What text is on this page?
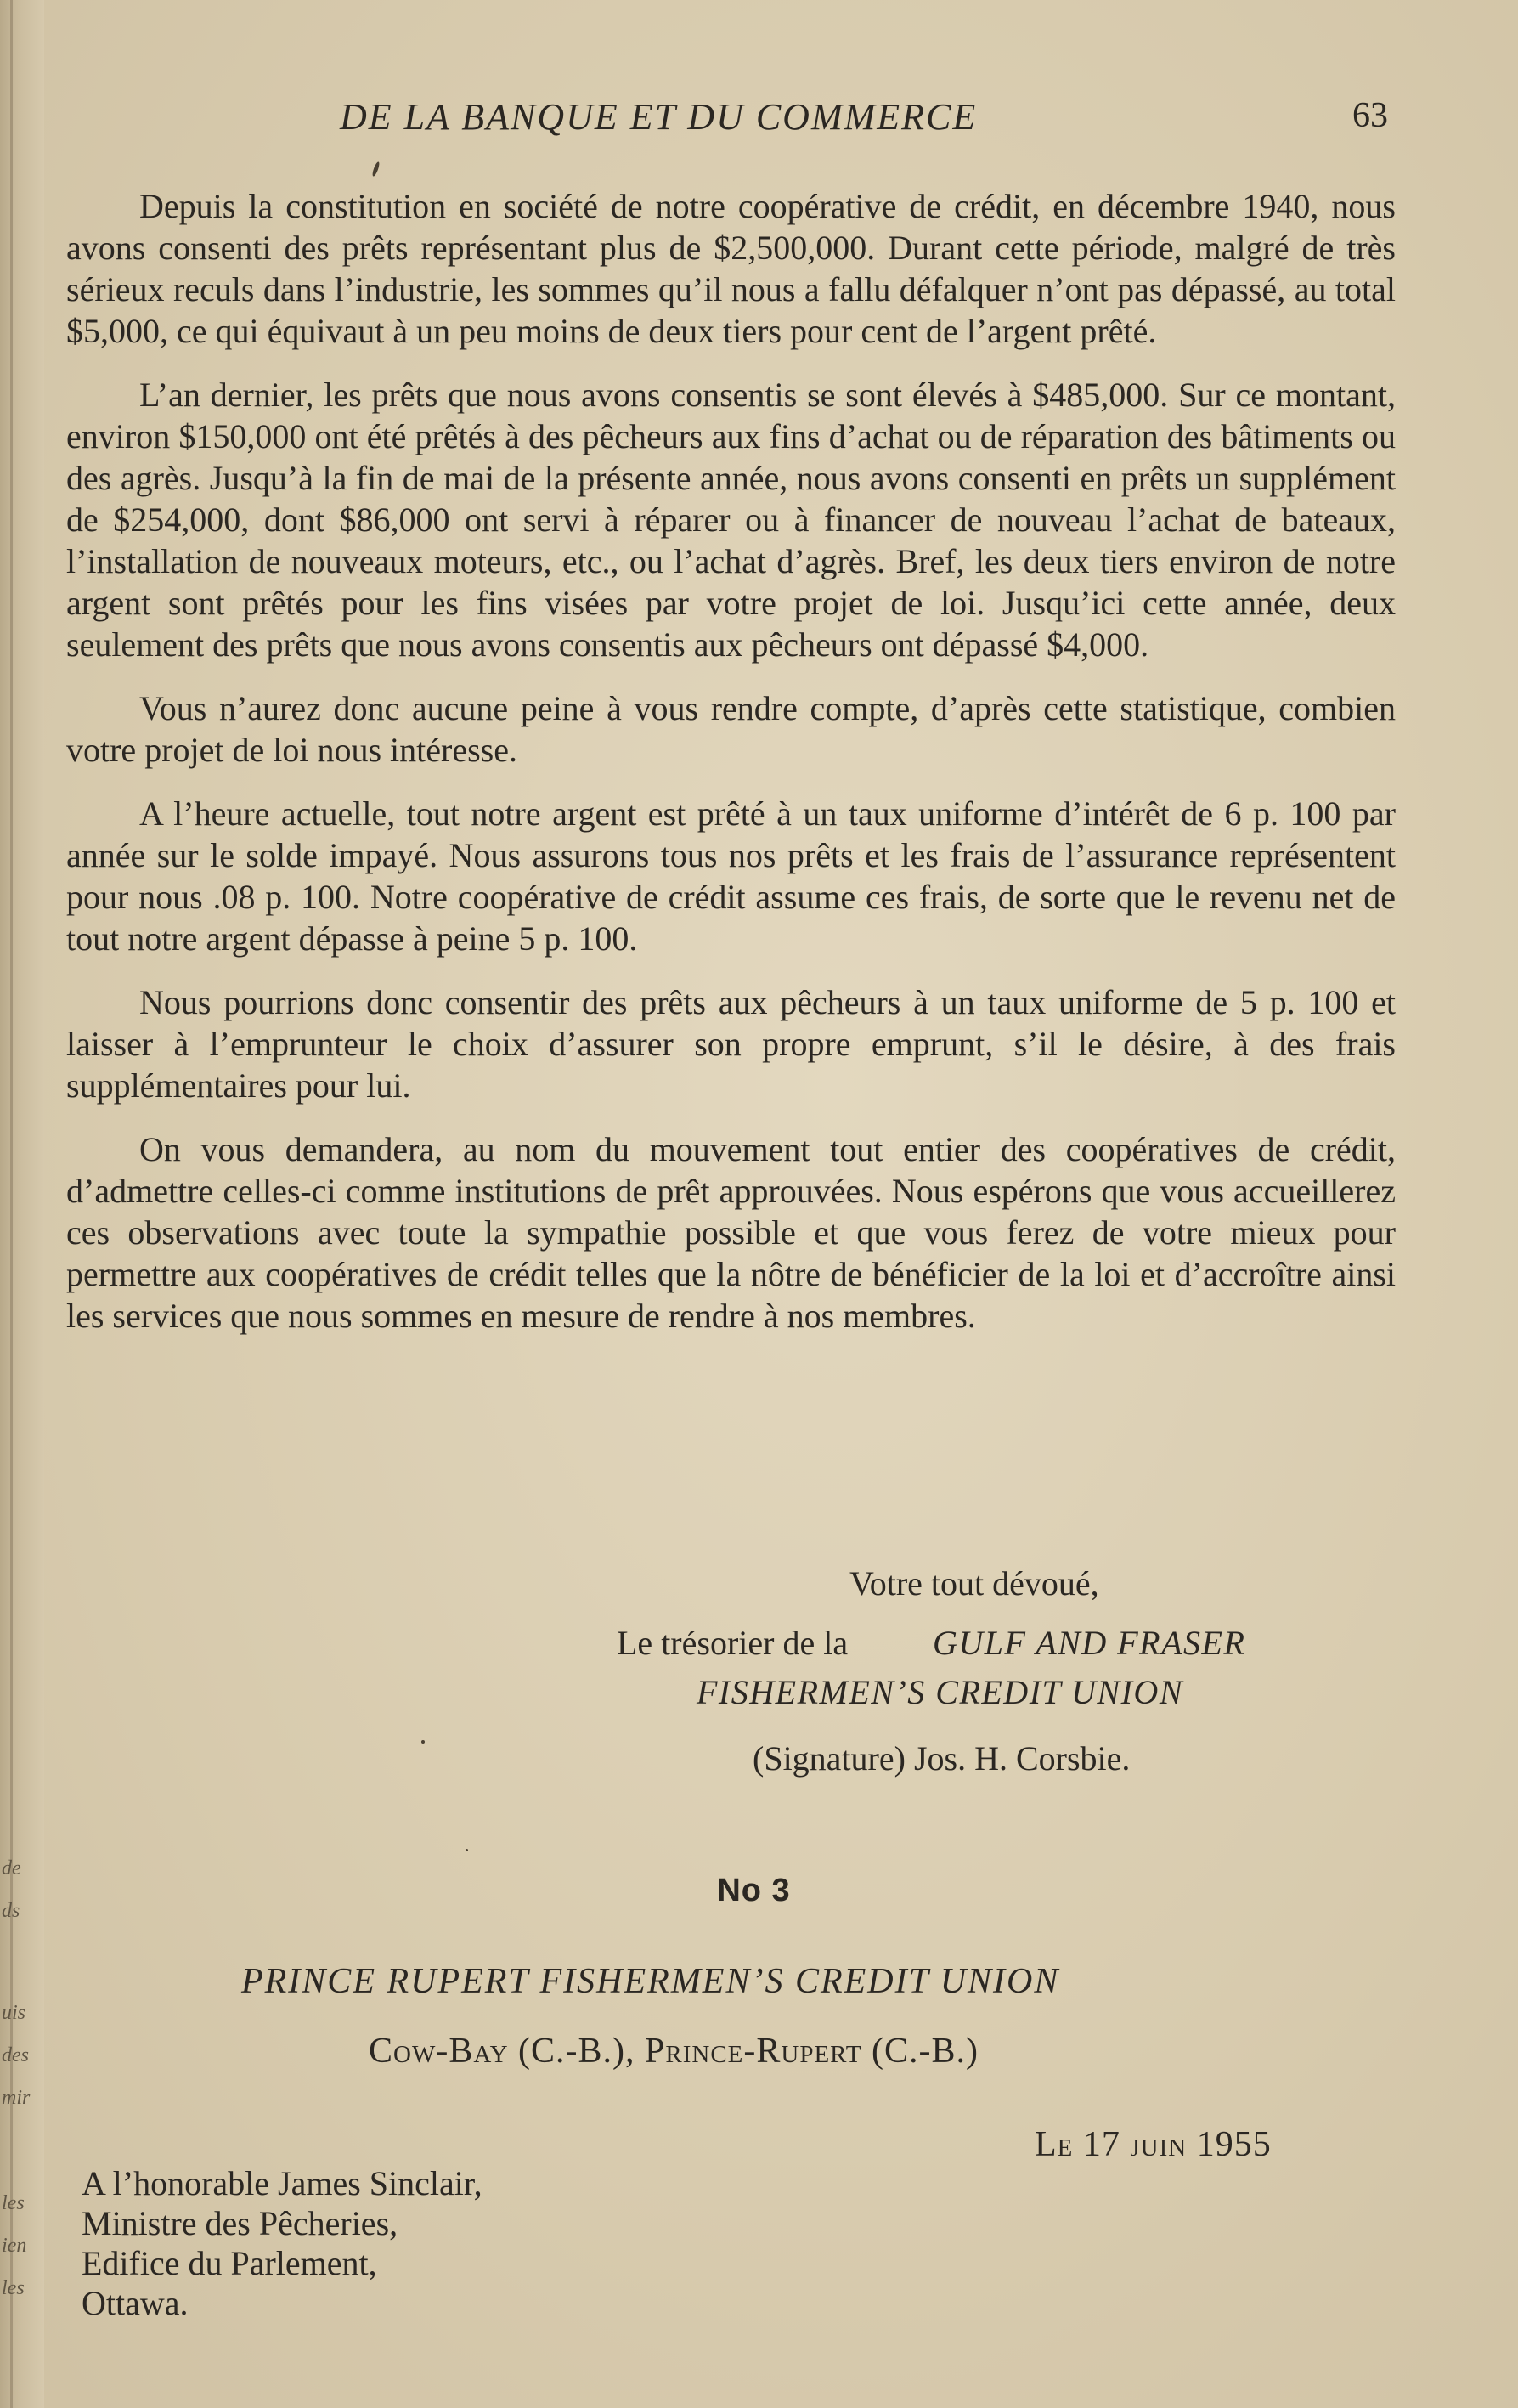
de
ds
uis
des
mir
les
ien
les
DE LA BANQUE ET DU COMMERCE	63

Depuis la constitution en société de notre coopérative de crédit, en décembre 1940, nous avons consenti des prêts représentant plus de $2,500,000. Durant cette période, malgré de très sérieux reculs dans l’industrie, les sommes qu’il nous a fallu défalquer n’ont pas dépassé, au total $5,000, ce qui équivaut à un peu moins de deux tiers pour cent de l’argent prêté.

L’an dernier, les prêts que nous avons consentis se sont élevés à $485,000. Sur ce montant, environ $150,000 ont été prêtés à des pêcheurs aux fins d’achat ou de réparation des bâtiments ou des agrès. Jusqu’à la fin de mai de la présente année, nous avons consenti en prêts un supplément de $254,000, dont $86,000 ont servi à réparer ou à financer de nouveau l’achat de bateaux, l’installation de nouveaux moteurs, etc., ou l’achat d’agrès. Bref, les deux tiers environ de notre argent sont prêtés pour les fins visées par votre projet de loi. Jusqu’ici cette année, deux seulement des prêts que nous avons consentis aux pêcheurs ont dépassé $4,000.

Vous n’aurez donc aucune peine à vous rendre compte, d’après cette statistique, combien votre projet de loi nous intéresse.

A l’heure actuelle, tout notre argent est prêté à un taux uniforme d’intérêt de 6 p. 100 par année sur le solde impayé. Nous assurons tous nos prêts et les frais de l’assurance représentent pour nous .08 p. 100. Notre coopérative de crédit assume ces frais, de sorte que le revenu net de tout notre argent dépasse à peine 5 p. 100.

Nous pourrions donc consentir des prêts aux pêcheurs à un taux uniforme de 5 p. 100 et laisser à l’emprunteur le choix d’assurer son propre emprunt, s’il le désire, à des frais supplémentaires pour lui.

On vous demandera, au nom du mouvement tout entier des coopératives de crédit, d’admettre celles-ci comme institutions de prêt approuvées. Nous espérons que vous accueillerez ces observations avec toute la sympathie possible et que vous ferez de votre mieux pour permettre aux coopératives de crédit telles que la nôtre de bénéficier de la loi et d’accroître ainsi les services que nous sommes en mesure de rendre à nos membres.

Votre tout dévoué,
Le trésorier de la GULF AND FRASER
FISHERMEN’S CREDIT UNION
(Signature) Jos. H. Corsbie.
No 3
PRINCE RUPERT FISHERMEN’S CREDIT UNION
Cow-Bay (C.-B.), Prince-Rupert (C.-B.)
Le 17 juin 1955
A l’honorable James Sinclair,
Ministre des Pêcheries,
Edifice du Parlement,
Ottawa.
